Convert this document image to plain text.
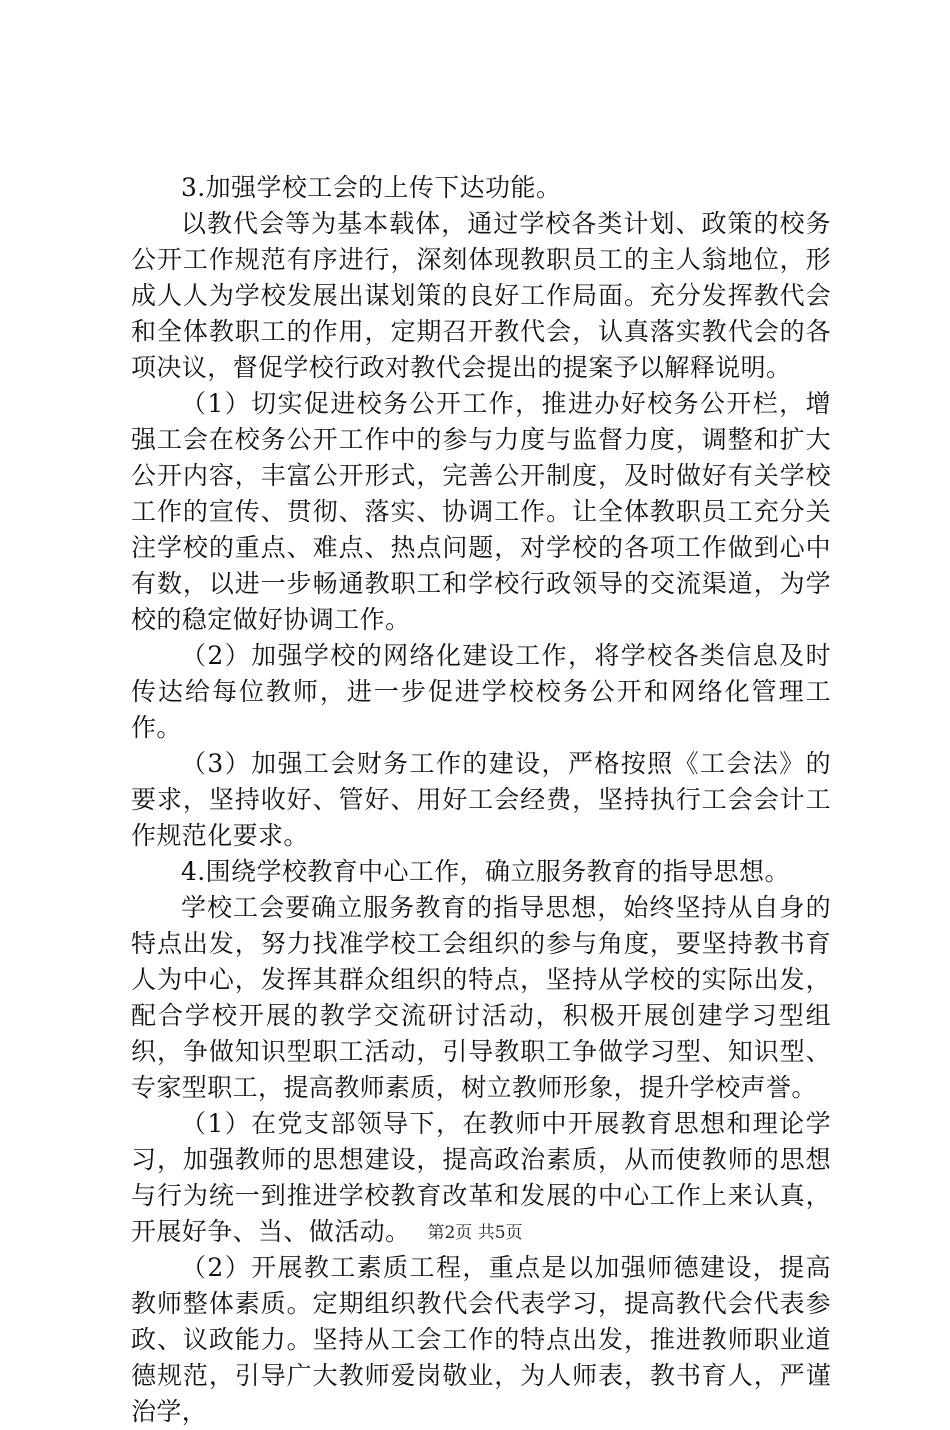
3.加强学校工会的上传下达功能。

以教代会等为基本载体，通过学校各类计划、政策的校务公开工作规范有序进行，深刻体现教职员工的主人翁地位，形成人人为学校发展出谋划策的良好工作局面。充分发挥教代会和全体教职工的作用，定期召开教代会，认真落实教代会的各项决议，督促学校行政对教代会提出的提案予以解释说明。

（1）切实促进校务公开工作，推进办好校务公开栏，增强工会在校务公开工作中的参与力度与监督力度，调整和扩大公开内容，丰富公开形式，完善公开制度，及时做好有关学校工作的宣传、贯彻、落实、协调工作。让全体教职员工充分关注学校的重点、难点、热点问题，对学校的各项工作做到心中有数，以进一步畅通教职工和学校行政领导的交流渠道，为学校的稳定做好协调工作。

（2）加强学校的网络化建设工作，将学校各类信息及时传达给每位教师，进一步促进学校校务公开和网络化管理工作。

（3）加强工会财务工作的建设，严格按照《工会法》的要求，坚持收好、管好、用好工会经费，坚持执行工会会计工作规范化要求。

4.围绕学校教育中心工作，确立服务教育的指导思想。

学校工会要确立服务教育的指导思想，始终坚持从自身的特点出发，努力找准学校工会组织的参与角度，要坚持教书育人为中心，发挥其群众组织的特点，坚持从学校的实际出发，配合学校开展的教学交流研讨活动，积极开展创建学习型组织，争做知识型职工活动，引导教职工争做学习型、知识型、专家型职工，提高教师素质，树立教师形象，提升学校声誉。

（1）在党支部领导下，在教师中开展教育思想和理论学习，加强教师的思想建设，提高政治素质，从而使教师的思想与行为统一到推进学校教育改革和发展的中心工作上来认真，开展好争、当、做活动。

（2）开展教工素质工程，重点是以加强师德建设，提高教师整体素质。定期组织教代会代表学习，提高教代会代表参政、议政能力。坚持从工会工作的特点出发，推进教师职业道德规范，引导广大教师爱岗敬业，为人师表，教书育人，严谨治学，

第2页 共5页
